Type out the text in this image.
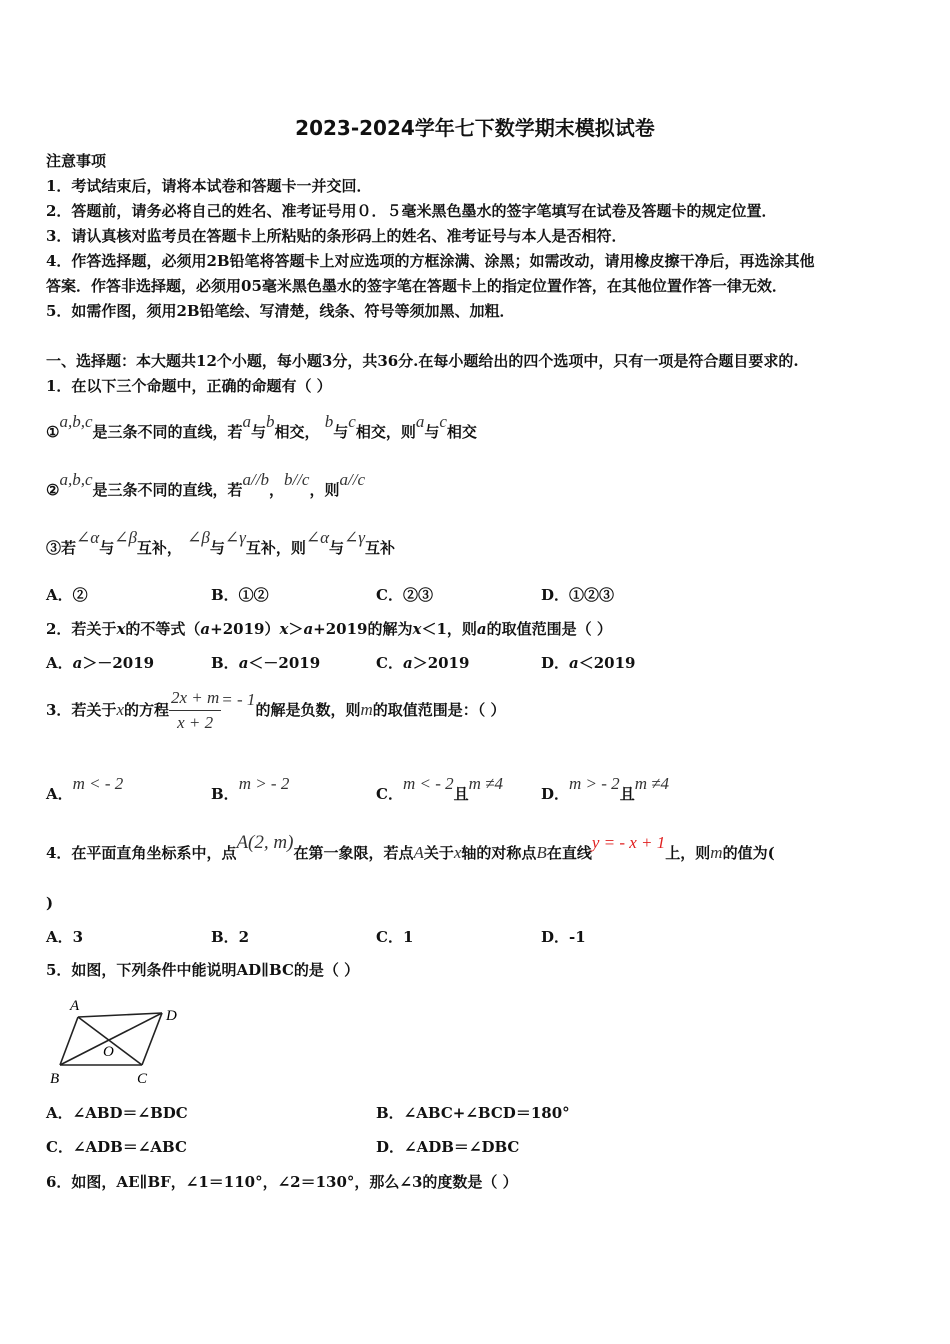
2023-2024学年七下数学期末模拟试卷
注意事项
1．考试结束后，请将本试卷和答题卡一并交回．
2．答题前，请务必将自己的姓名、准考证号用０．５毫米黑色墨水的签字笔填写在试卷及答题卡的规定位置．
3．请认真核对监考员在答题卡上所粘贴的条形码上的姓名、准考证号与本人是否相符．
4．作答选择题，必须用2B铅笔将答题卡上对应选项的方框涂满、涂黑；如需改动，请用橡皮擦干净后，再选涂其他
答案．作答非选择题，必须用05毫米黑色墨水的签字笔在答题卡上的指定位置作答，在其他位置作答一律无效．
5．如需作图，须用2B铅笔绘、写清楚，线条、符号等须加黑、加粗．
一、选择题：本大题共12个小题，每小题3分，共36分.在每小题给出的四个选项中，只有一项是符合题目要求的.
1．在以下三个命题中，正确的命题有（ ）
①a,b,c是三条不同的直线，若a与b相交， b与c相交，则a与c相交
②a,b,c是三条不同的直线，若a//b，b//c，则a//c
③若∠α与∠β互补， ∠β与∠γ互补，则∠α与∠γ互补
A．②	B．①②	C．②③	D．①②③
2．若关于x的不等式（a+2019）x＞a+2019的解为x＜1，则a的取值范围是（ ）
A．a＞－2019	B．a＜－2019	C．a＞2019	D．a＜2019
3．若关于 x 的方程 $\frac{2x + m}{x + 2}$ = - 1
的解是负数，则 m 的取值范围是：（ ）
A．m < - 2
B．m > - 2
C．m < - 2且m ≠4
D．m > - 2且m ≠4
4．在平面直角坐标系中，点A(2, m)在第一象限，若点A关于x轴的对称点B在直线y = - x + 1上，则m的值为(
)
A．3	B．2	C．1	D．-1
5．如图，下列条件中能说明AD∥BC的是（ ）
A
D
B	C
O
A．∠ABD＝∠BDC	B．∠ABC+∠BCD＝180°
C．∠ADB＝∠ABC	D．∠ADB＝∠DBC
6．如图，AE∥BF，∠1＝110°，∠2＝130°，那么∠3的度数是（ ）
